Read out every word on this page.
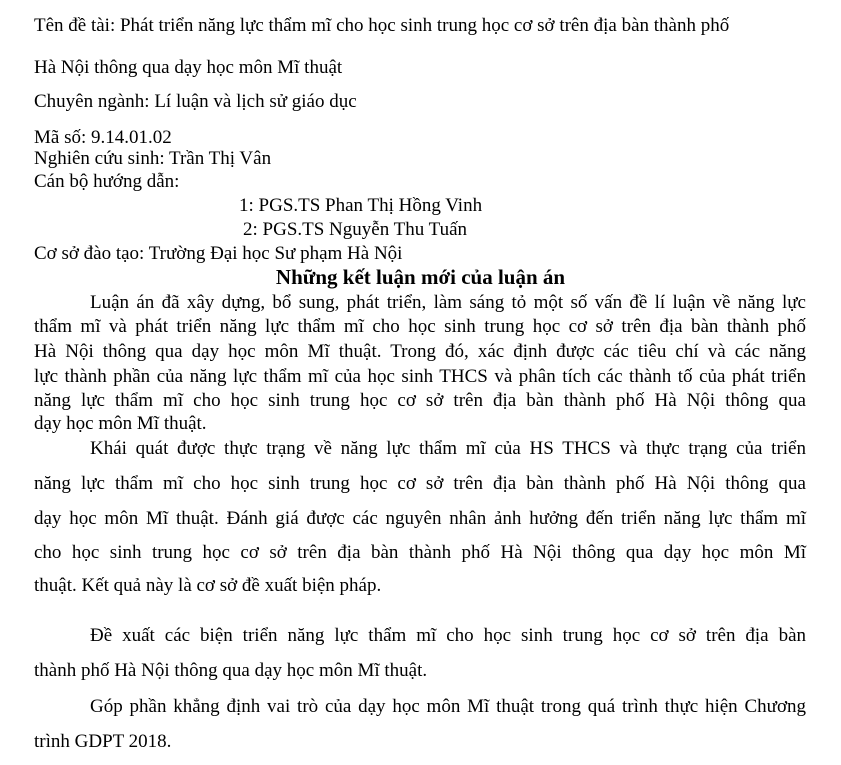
Tên đề tài: Phát triển năng lực thẩm mĩ cho học sinh trung học cơ sở trên địa bàn thành phố

Hà Nội thông qua dạy học môn Mĩ thuật

Chuyên ngành: Lí luận và lịch sử giáo dục

Mã số: 9.14.01.02

Nghiên cứu sinh: Trần Thị Vân

Cán bộ hướng dẫn:

1: PGS.TS Phan Thị Hồng Vinh

2: PGS.TS Nguyễn Thu Tuấn

Cơ sở đào tạo: Trường Đại học Sư phạm Hà Nội

Những kết luận mới của luận án

Luận án đã xây dựng, bổ sung, phát triển, làm sáng tỏ một số vấn đề lí luận về năng lực

thẩm mĩ và phát triển năng lực thẩm mĩ cho học sinh trung học cơ sở trên địa bàn thành phố

Hà Nội thông qua dạy học môn Mĩ thuật. Trong đó, xác định được các tiêu chí và các năng

lực thành phần của năng lực thẩm mĩ của học sinh THCS và phân tích các thành tố của phát triển

năng lực thẩm mĩ cho học sinh trung học cơ sở trên địa bàn thành phố Hà Nội thông qua

dạy học môn Mĩ thuật.

Khái quát được thực trạng về năng lực thẩm mĩ của HS THCS và thực trạng của triển

năng lực thẩm mĩ cho học sinh trung học cơ sở trên địa bàn thành phố Hà Nội thông qua

dạy học môn Mĩ thuật. Đánh giá được các nguyên nhân ảnh hưởng đến triển năng lực thẩm mĩ

cho học sinh trung học cơ sở trên địa bàn thành phố Hà Nội thông qua dạy học môn Mĩ

thuật. Kết quả này là cơ sở đề xuất biện pháp.

Đề xuất các biện triển năng lực thẩm mĩ cho học sinh trung học cơ sở trên địa bàn

thành phố Hà Nội thông qua dạy học môn Mĩ thuật.

Góp phần khẳng định vai trò của dạy học môn Mĩ thuật trong quá trình thực hiện Chương

trình GDPT 2018.
